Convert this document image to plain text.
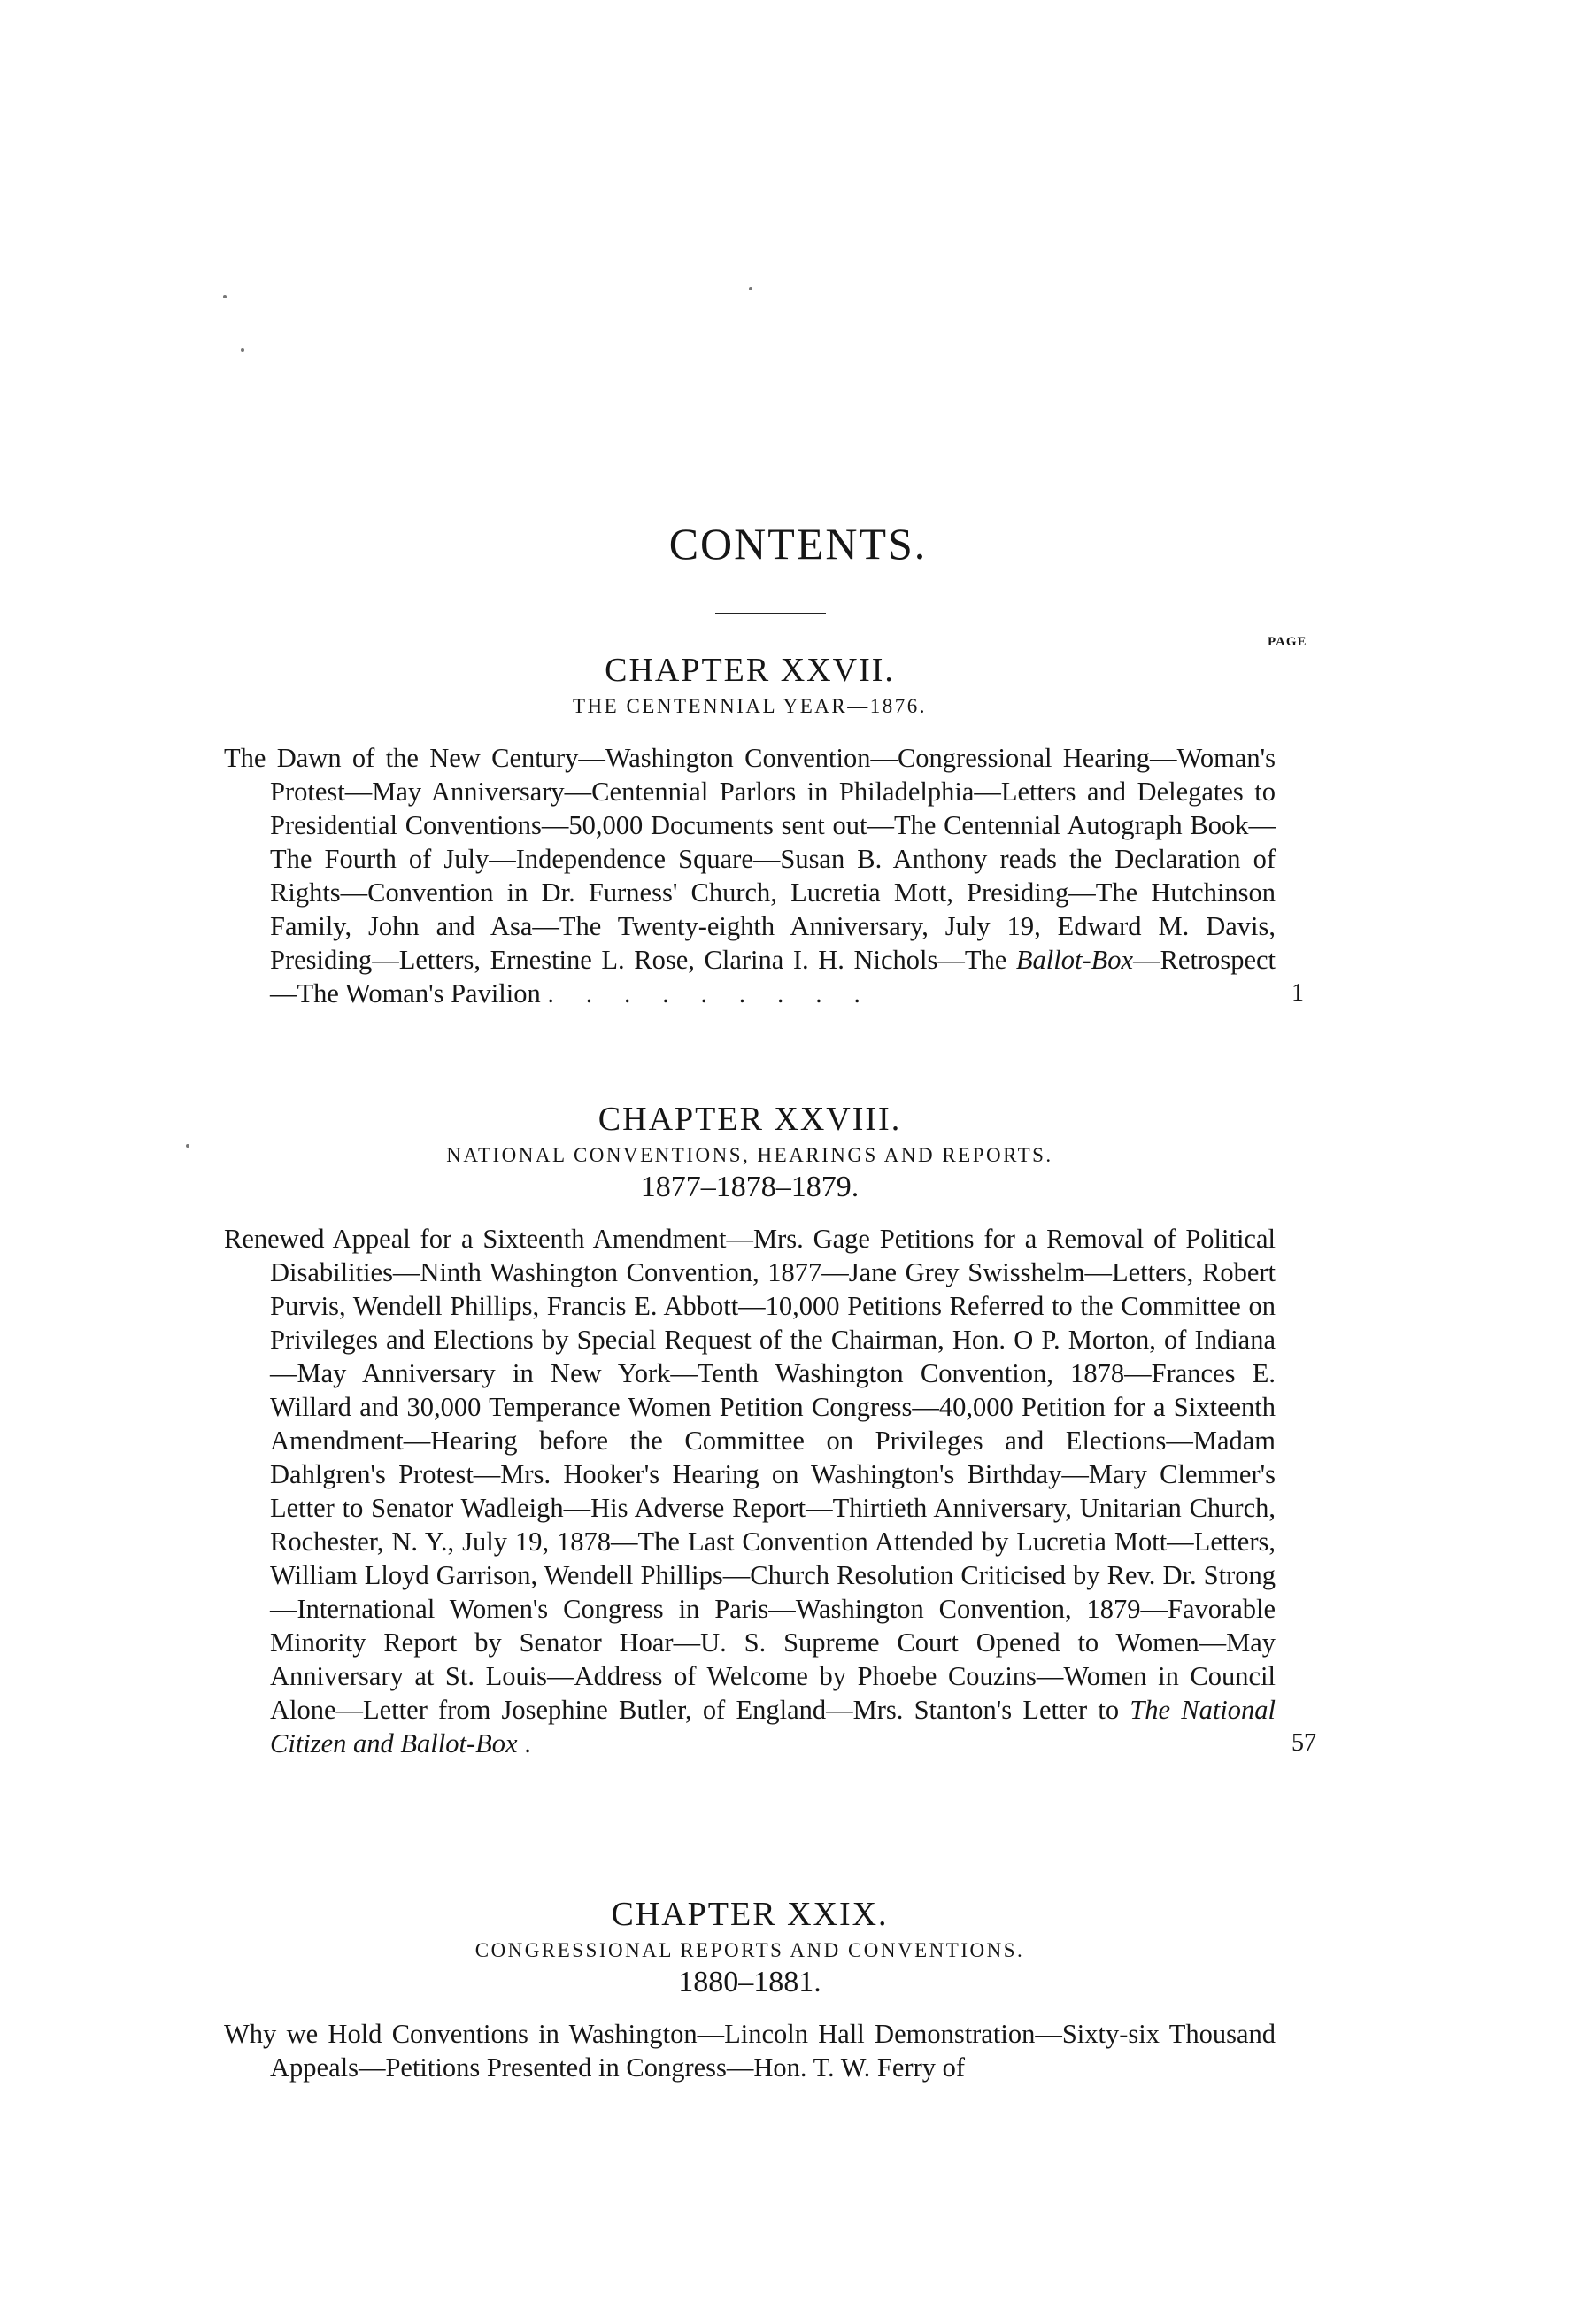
CONTENTS.
PAGE
CHAPTER XXVII.
THE CENTENNIAL YEAR—1876.
The Dawn of the New Century—Washington Convention—Congressional Hearing—Woman's Protest—May Anniversary—Centennial Parlors in Philadelphia—Letters and Delegates to Presidential Conventions—50,000 Documents sent out—The Centennial Autograph Book—The Fourth of July—Independence Square—Susan B. Anthony reads the Declaration of Rights—Convention in Dr. Furness' Church, Lucretia Mott, Presiding—The Hutchinson Family, John and Asa—The Twenty-eighth Anniversary, July 19, Edward M. Davis, Presiding—Letters, Ernestine L. Rose, Clarina I. H. Nichols—The Ballot-Box—Retrospect—The Woman's Pavilion . . . . . . . . .	1
CHAPTER XXVIII.
NATIONAL CONVENTIONS, HEARINGS AND REPORTS.
1877–1878–1879.
Renewed Appeal for a Sixteenth Amendment—Mrs. Gage Petitions for a Removal of Political Disabilities—Ninth Washington Convention, 1877—Jane Grey Swisshelm—Letters, Robert Purvis, Wendell Phillips, Francis E. Abbott—10,000 Petitions Referred to the Committee on Privileges and Elections by Special Request of the Chairman, Hon. O P. Morton, of Indiana—May Anniversary in New York—Tenth Washington Convention, 1878—Frances E. Willard and 30,000 Temperance Women Petition Congress—40,000 Petition for a Sixteenth Amendment—Hearing before the Committee on Privileges and Elections—Madam Dahlgren's Protest—Mrs. Hooker's Hearing on Washington's Birthday—Mary Clemmer's Letter to Senator Wadleigh—His Adverse Report—Thirtieth Anniversary, Unitarian Church, Rochester, N. Y., July 19, 1878—The Last Convention Attended by Lucretia Mott—Letters, William Lloyd Garrison, Wendell Phillips—Church Resolution Criticised by Rev. Dr. Strong—International Women's Congress in Paris—Washington Convention, 1879—Favorable Minority Report by Senator Hoar—U. S. Supreme Court Opened to Women—May Anniversary at St. Louis—Address of Welcome by Phoebe Couzins—Women in Council Alone—Letter from Josephine Butler, of England—Mrs. Stanton's Letter to The National Citizen and Ballot-Box .	57
CHAPTER XXIX.
CONGRESSIONAL REPORTS AND CONVENTIONS.
1880–1881.
Why we Hold Conventions in Washington—Lincoln Hall Demonstration—Sixty-six Thousand Appeals—Petitions Presented in Congress—Hon. T. W. Ferry of
